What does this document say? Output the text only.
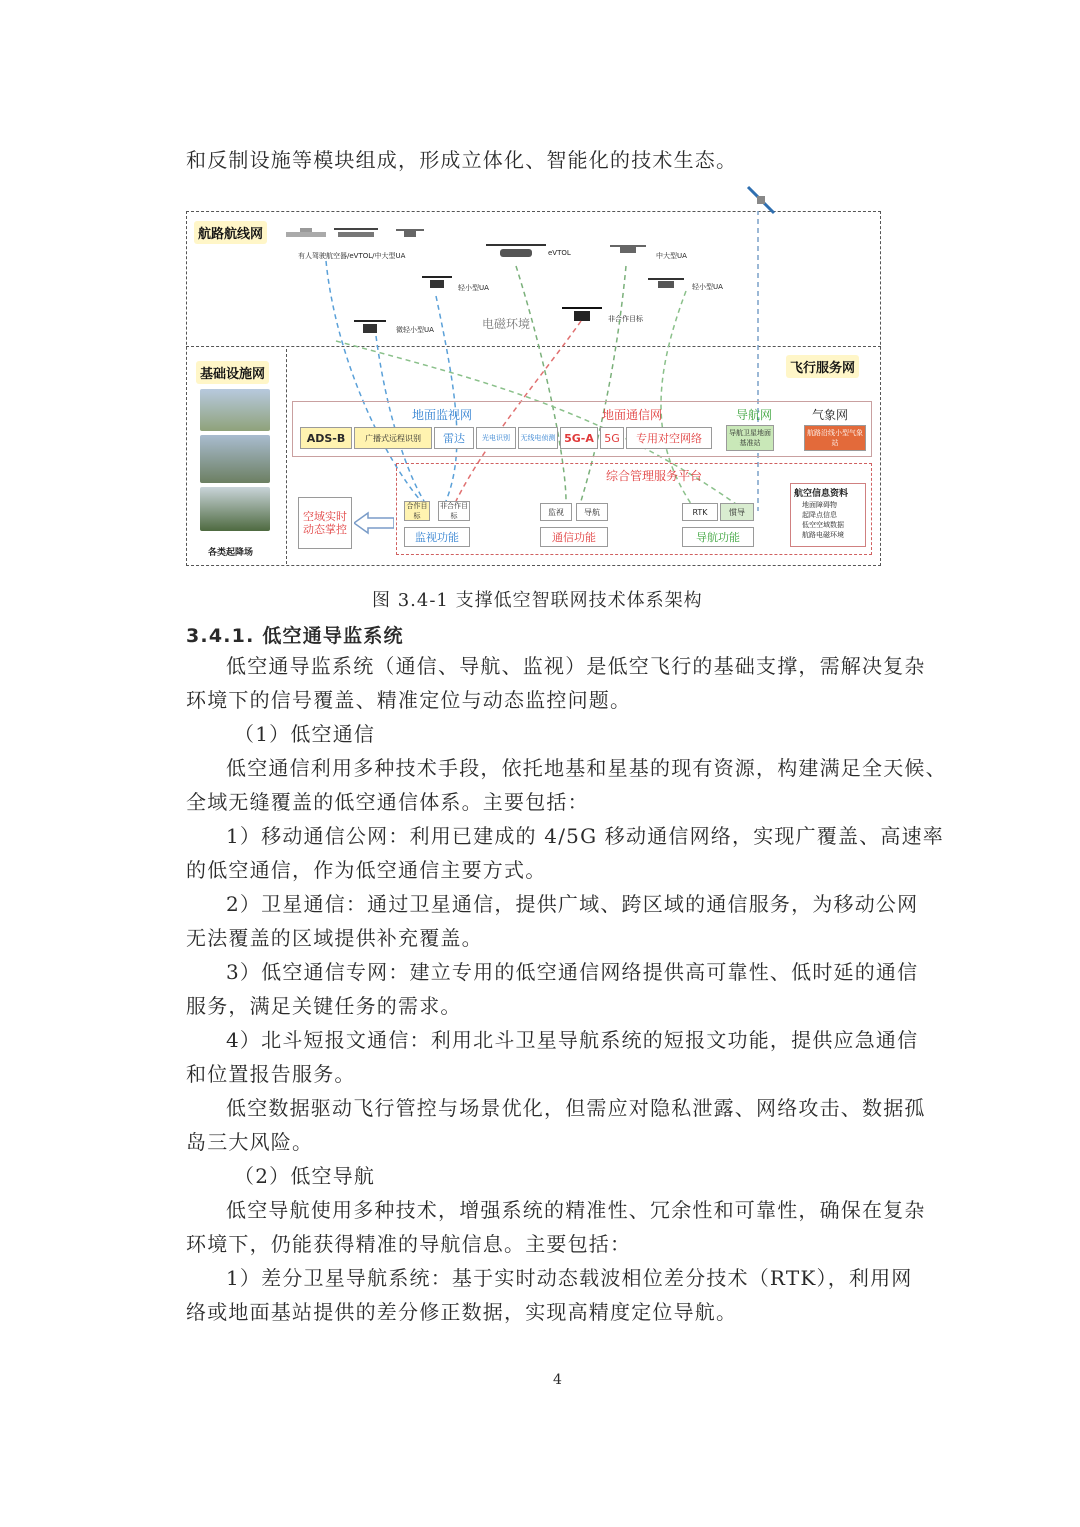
和反制设施等模块组成，形成立体化、智能化的技术生态。
航路航线网
有人驾驶航空器/eVTOL/中大型UA	eVTOL	中大型UA
轻小型UA	轻小型UA
微轻小型UA	电磁环境	非合作目标
基础设施网
各类起降场
飞行服务网
地面监视网	地面通信网	导航网	气象网
ADS-B	广播式远程识别	雷达	光电识别	无线电侦测 5G-A 5G	专用对空网络	导航卫星地面基准站
航路沿线小型气象站
综合管理服务平台
合作目标
非合作目标
监视功能
监视	导航
通信功能
RTK	惯导
导航功能
航空信息资料
地面障碍物
起降点信息
低空空域数据
航路电磁环境
空域实时动态掌控
图 3.4-1 支撑低空智联网技术体系架构
3.4.1. 低空通导监系统
低空通导监系统（通信、导航、监视）是低空飞行的基础支撑，需解决复杂
环境下的信号覆盖、精准定位与动态监控问题。
（1）低空通信
低空通信利用多种技术手段，依托地基和星基的现有资源，构建满足全天候、
全域无缝覆盖的低空通信体系。主要包括：
1）移动通信公网：利用已建成的 4/5G 移动通信网络，实现广覆盖、高速率
的低空通信，作为低空通信主要方式。
2）卫星通信：通过卫星通信，提供广域、跨区域的通信服务，为移动公网
无法覆盖的区域提供补充覆盖。
3）低空通信专网：建立专用的低空通信网络提供高可靠性、低时延的通信
服务，满足关键任务的需求。
4）北斗短报文通信：利用北斗卫星导航系统的短报文功能，提供应急通信
和位置报告服务。
低空数据驱动飞行管控与场景优化，但需应对隐私泄露、网络攻击、数据孤
岛三大风险。
（2）低空导航
低空导航使用多种技术，增强系统的精准性、冗余性和可靠性，确保在复杂
环境下，仍能获得精准的导航信息。主要包括：
1）差分卫星导航系统：基于实时动态载波相位差分技术（RTK），利用网
络或地面基站提供的差分修正数据，实现高精度定位导航。
4
